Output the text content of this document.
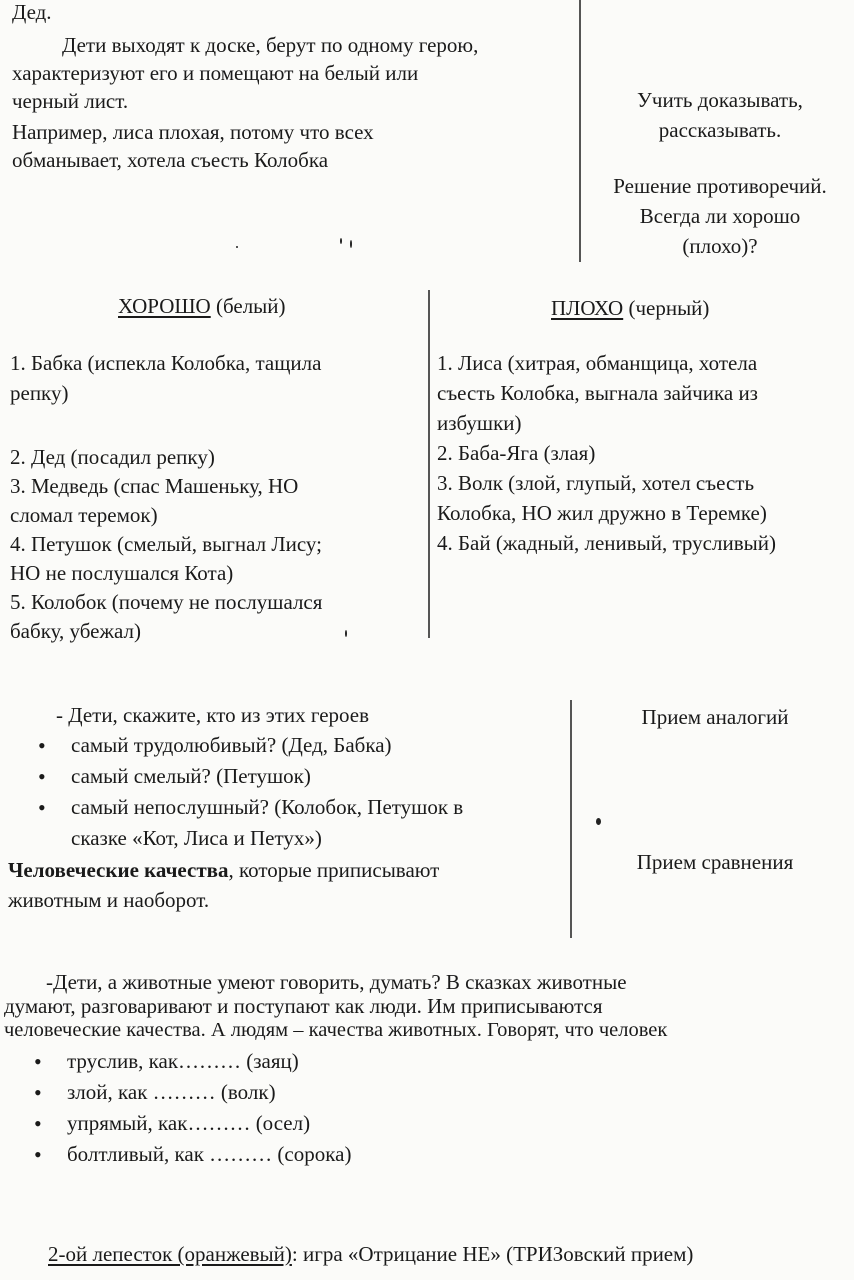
Дед.
Дети выходят к доске, берут по одному герою,
характеризуют его и помещают на белый или
черный лист.
Например, лиса плохая, потому что всех
обманывает, хотела съесть Колобка
Учить доказывать,
рассказывать.
Решение противоречий.
Всегда ли хорошо
(плохо)?
ХОРОШО (белый)	ПЛОХО (черный)
1. Бабка (испекла Колобка, тащила
репку)
2. Дед (посадил репку)
3. Медведь (спас Машеньку, НО
сломал теремок)
4. Петушок (смелый, выгнал Лису;
НО не послушался Кота)
5. Колобок (почему не послушался
бабку, убежал)
1. Лиса (хитрая, обманщица, хотела
съесть Колобка, выгнала зайчика из
избушки)
2. Баба-Яга (злая)
3. Волк (злой, глупый, хотел съесть
Колобка, НО жил дружно в Теремке)
4. Бай (жадный, ленивый, трусливый)
- Дети, скажите, кто из этих героев
• самый трудолюбивый? (Дед, Бабка)
• самый смелый? (Петушок)
• самый непослушный? (Колобок, Петушок в
сказке «Кот, Лиса и Петух»)
Человеческие качества, которые приписывают
животным и наоборот.
Прием аналогий
Прием сравнения
-Дети, а животные умеют говорить, думать? В сказках животные
думают, разговаривают и поступают как люди. Им приписываются
человеческие качества. А людям – качества животных. Говорят, что человек
• труслив, как……… (заяц)
• злой, как ……… (волк)
• упрямый, как……… (осел)
• болтливый, как ……… (сорока)
2-ой лепесток (оранжевый): игра «Отрицание НЕ» (ТРИЗовский прием)
